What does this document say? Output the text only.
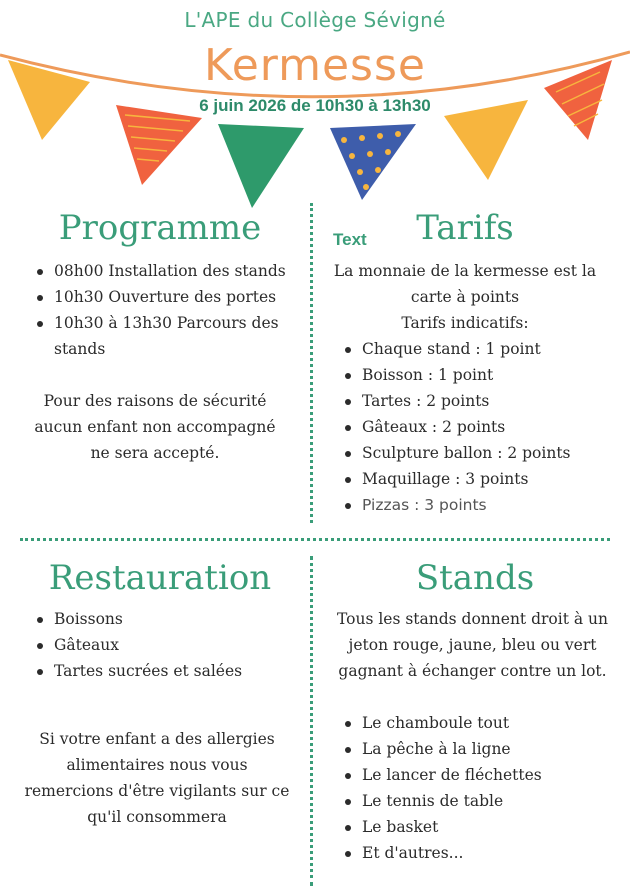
L'APE du Collège Sévigné
Kermesse
6 juin 2026 de 10h30 à 13h30
Programme
08h00 Installation des stands
10h30 Ouverture des portes
10h30 à 13h30 Parcours des stands
Pour des raisons de sécurité aucun enfant non accompagné ne sera accepté.
Text	Tarifs
La monnaie de la kermesse est la carte à points
Tarifs indicatifs:
Chaque stand : 1 point
Boisson : 1 point
Tartes : 2 points
Gâteaux : 2 points
Sculpture ballon : 2 points
Maquillage : 3 points
Pizzas : 3 points
Restauration
Boissons
Gâteaux
Tartes sucrées et salées
Si votre enfant a des allergies alimentaires nous vous remercions d'être vigilants sur ce qu'il consommera
Stands
Tous les stands donnent droit à un jeton rouge, jaune, bleu ou vert gagnant à échanger contre un lot.
Le chamboule tout
La pêche à la ligne
Le lancer de fléchettes
Le tennis de table
Le basket
Et d'autres...
